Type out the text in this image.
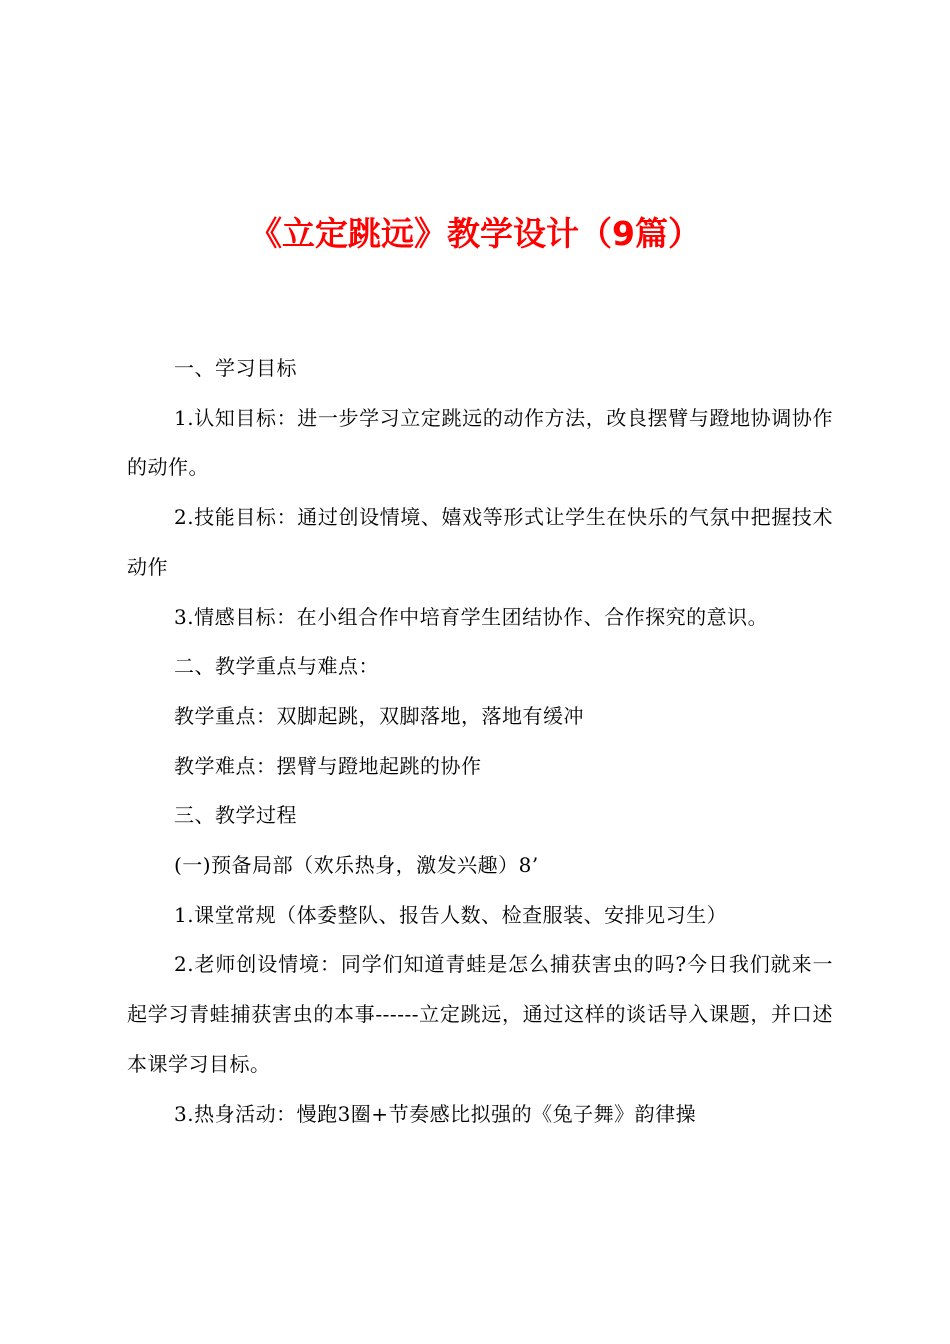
《立定跳远》教学设计（9篇）

一、学习目标

1.认知目标：进一步学习立定跳远的动作方法，改良摆臂与蹬地协调协作的动作。

2.技能目标：通过创设情境、嬉戏等形式让学生在快乐的气氛中把握技术动作

3.情感目标：在小组合作中培育学生团结协作、合作探究的意识。

二、教学重点与难点：

教学重点：双脚起跳，双脚落地，落地有缓冲

教学难点：摆臂与蹬地起跳的协作

三、教学过程

(一)预备局部（欢乐热身，激发兴趣）8’

1.课堂常规（体委整队、报告人数、检查服装、安排见习生）

2.老师创设情境：同学们知道青蛙是怎么捕获害虫的吗?今日我们就来一起学习青蛙捕获害虫的本事------立定跳远，通过这样的谈话导入课题，并口述本课学习目标。

3.热身活动：慢跑3圈+节奏感比拟强的《兔子舞》韵律操
